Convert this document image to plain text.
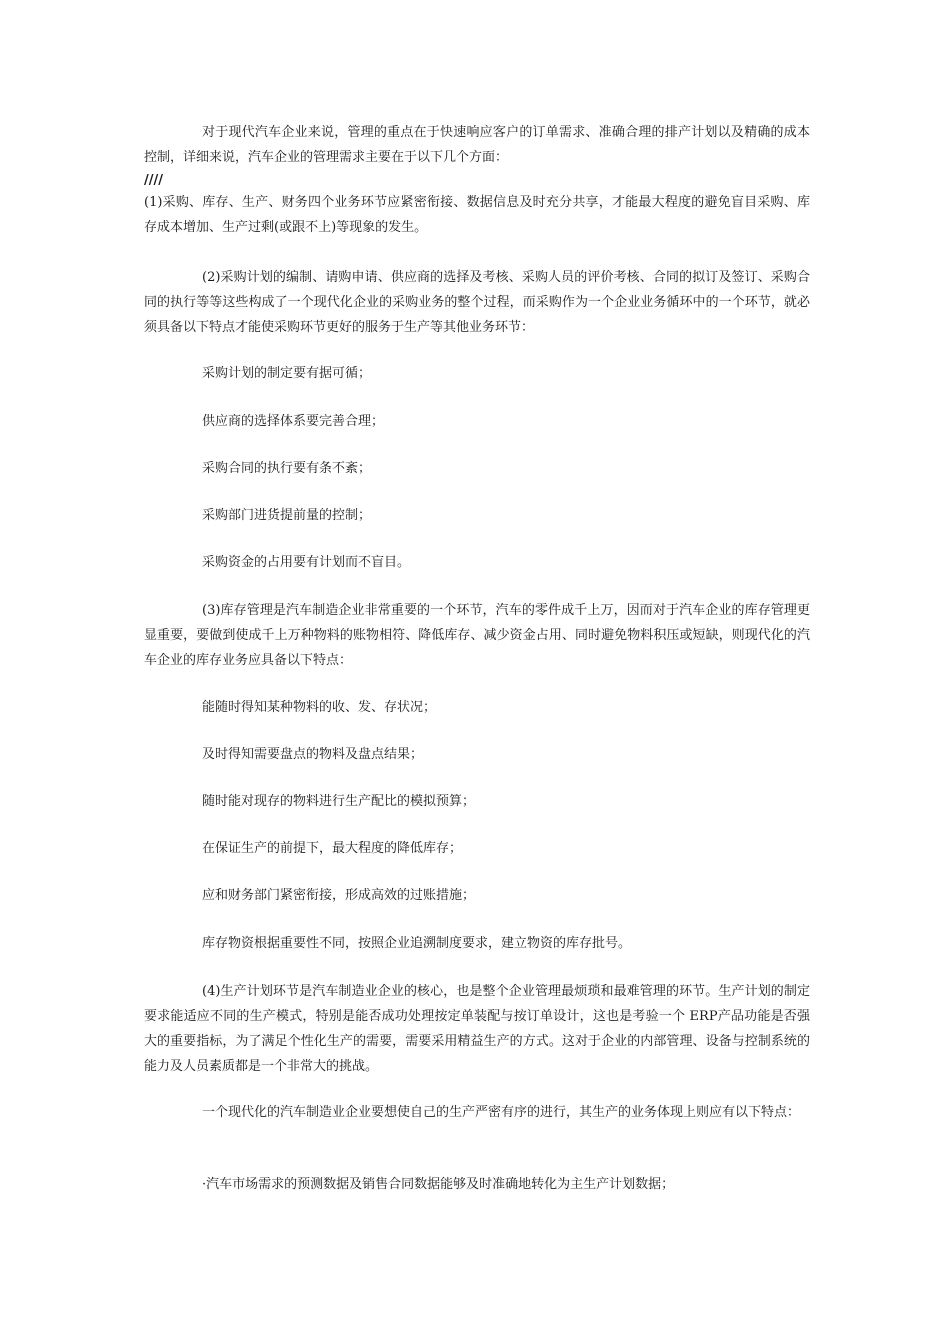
对于现代汽车企业来说，管理的重点在于快速响应客户的订单需求、准确合理的排产计划以及精确的成本控制，详细来说，汽车企业的管理需求主要在于以下几个方面：

////

(1)采购、库存、生产、财务四个业务环节应紧密衔接、数据信息及时充分共享，才能最大程度的避免盲目采购、库存成本增加、生产过剩(或跟不上)等现象的发生。

(2)采购计划的编制、请购申请、供应商的选择及考核、采购人员的评价考核、合同的拟订及签订、采购合同的执行等等这些构成了一个现代化企业的采购业务的整个过程，而采购作为一个企业业务循环中的一个环节，就必须具备以下特点才能使采购环节更好的服务于生产等其他业务环节：

采购计划的制定要有据可循；

供应商的选择体系要完善合理；

采购合同的执行要有条不紊；

采购部门进货提前量的控制；

采购资金的占用要有计划而不盲目。

(3)库存管理是汽车制造企业非常重要的一个环节，汽车的零件成千上万，因而对于汽车企业的库存管理更显重要，要做到使成千上万种物料的账物相符、降低库存、减少资金占用、同时避免物料积压或短缺，则现代化的汽车企业的库存业务应具备以下特点：

能随时得知某种物料的收、发、存状况；

及时得知需要盘点的物料及盘点结果；

随时能对现存的物料进行生产配比的模拟预算；

在保证生产的前提下，最大程度的降低库存；

应和财务部门紧密衔接，形成高效的过账措施；

库存物资根据重要性不同，按照企业追溯制度要求，建立物资的库存批号。

(4)生产计划环节是汽车制造业企业的核心，也是整个企业管理最烦琐和最难管理的环节。生产计划的制定要求能适应不同的生产模式，特别是能否成功处理按定单装配与按订单设计，这也是考验一个 ERP产品功能是否强大的重要指标，为了满足个性化生产的需要，需要采用精益生产的方式。这对于企业的内部管理、设备与控制系统的能力及人员素质都是一个非常大的挑战。

一个现代化的汽车制造业企业要想使自己的生产严密有序的进行，其生产的业务体现上则应有以下特点：

·汽车市场需求的预测数据及销售合同数据能够及时准确地转化为主生产计划数据；
